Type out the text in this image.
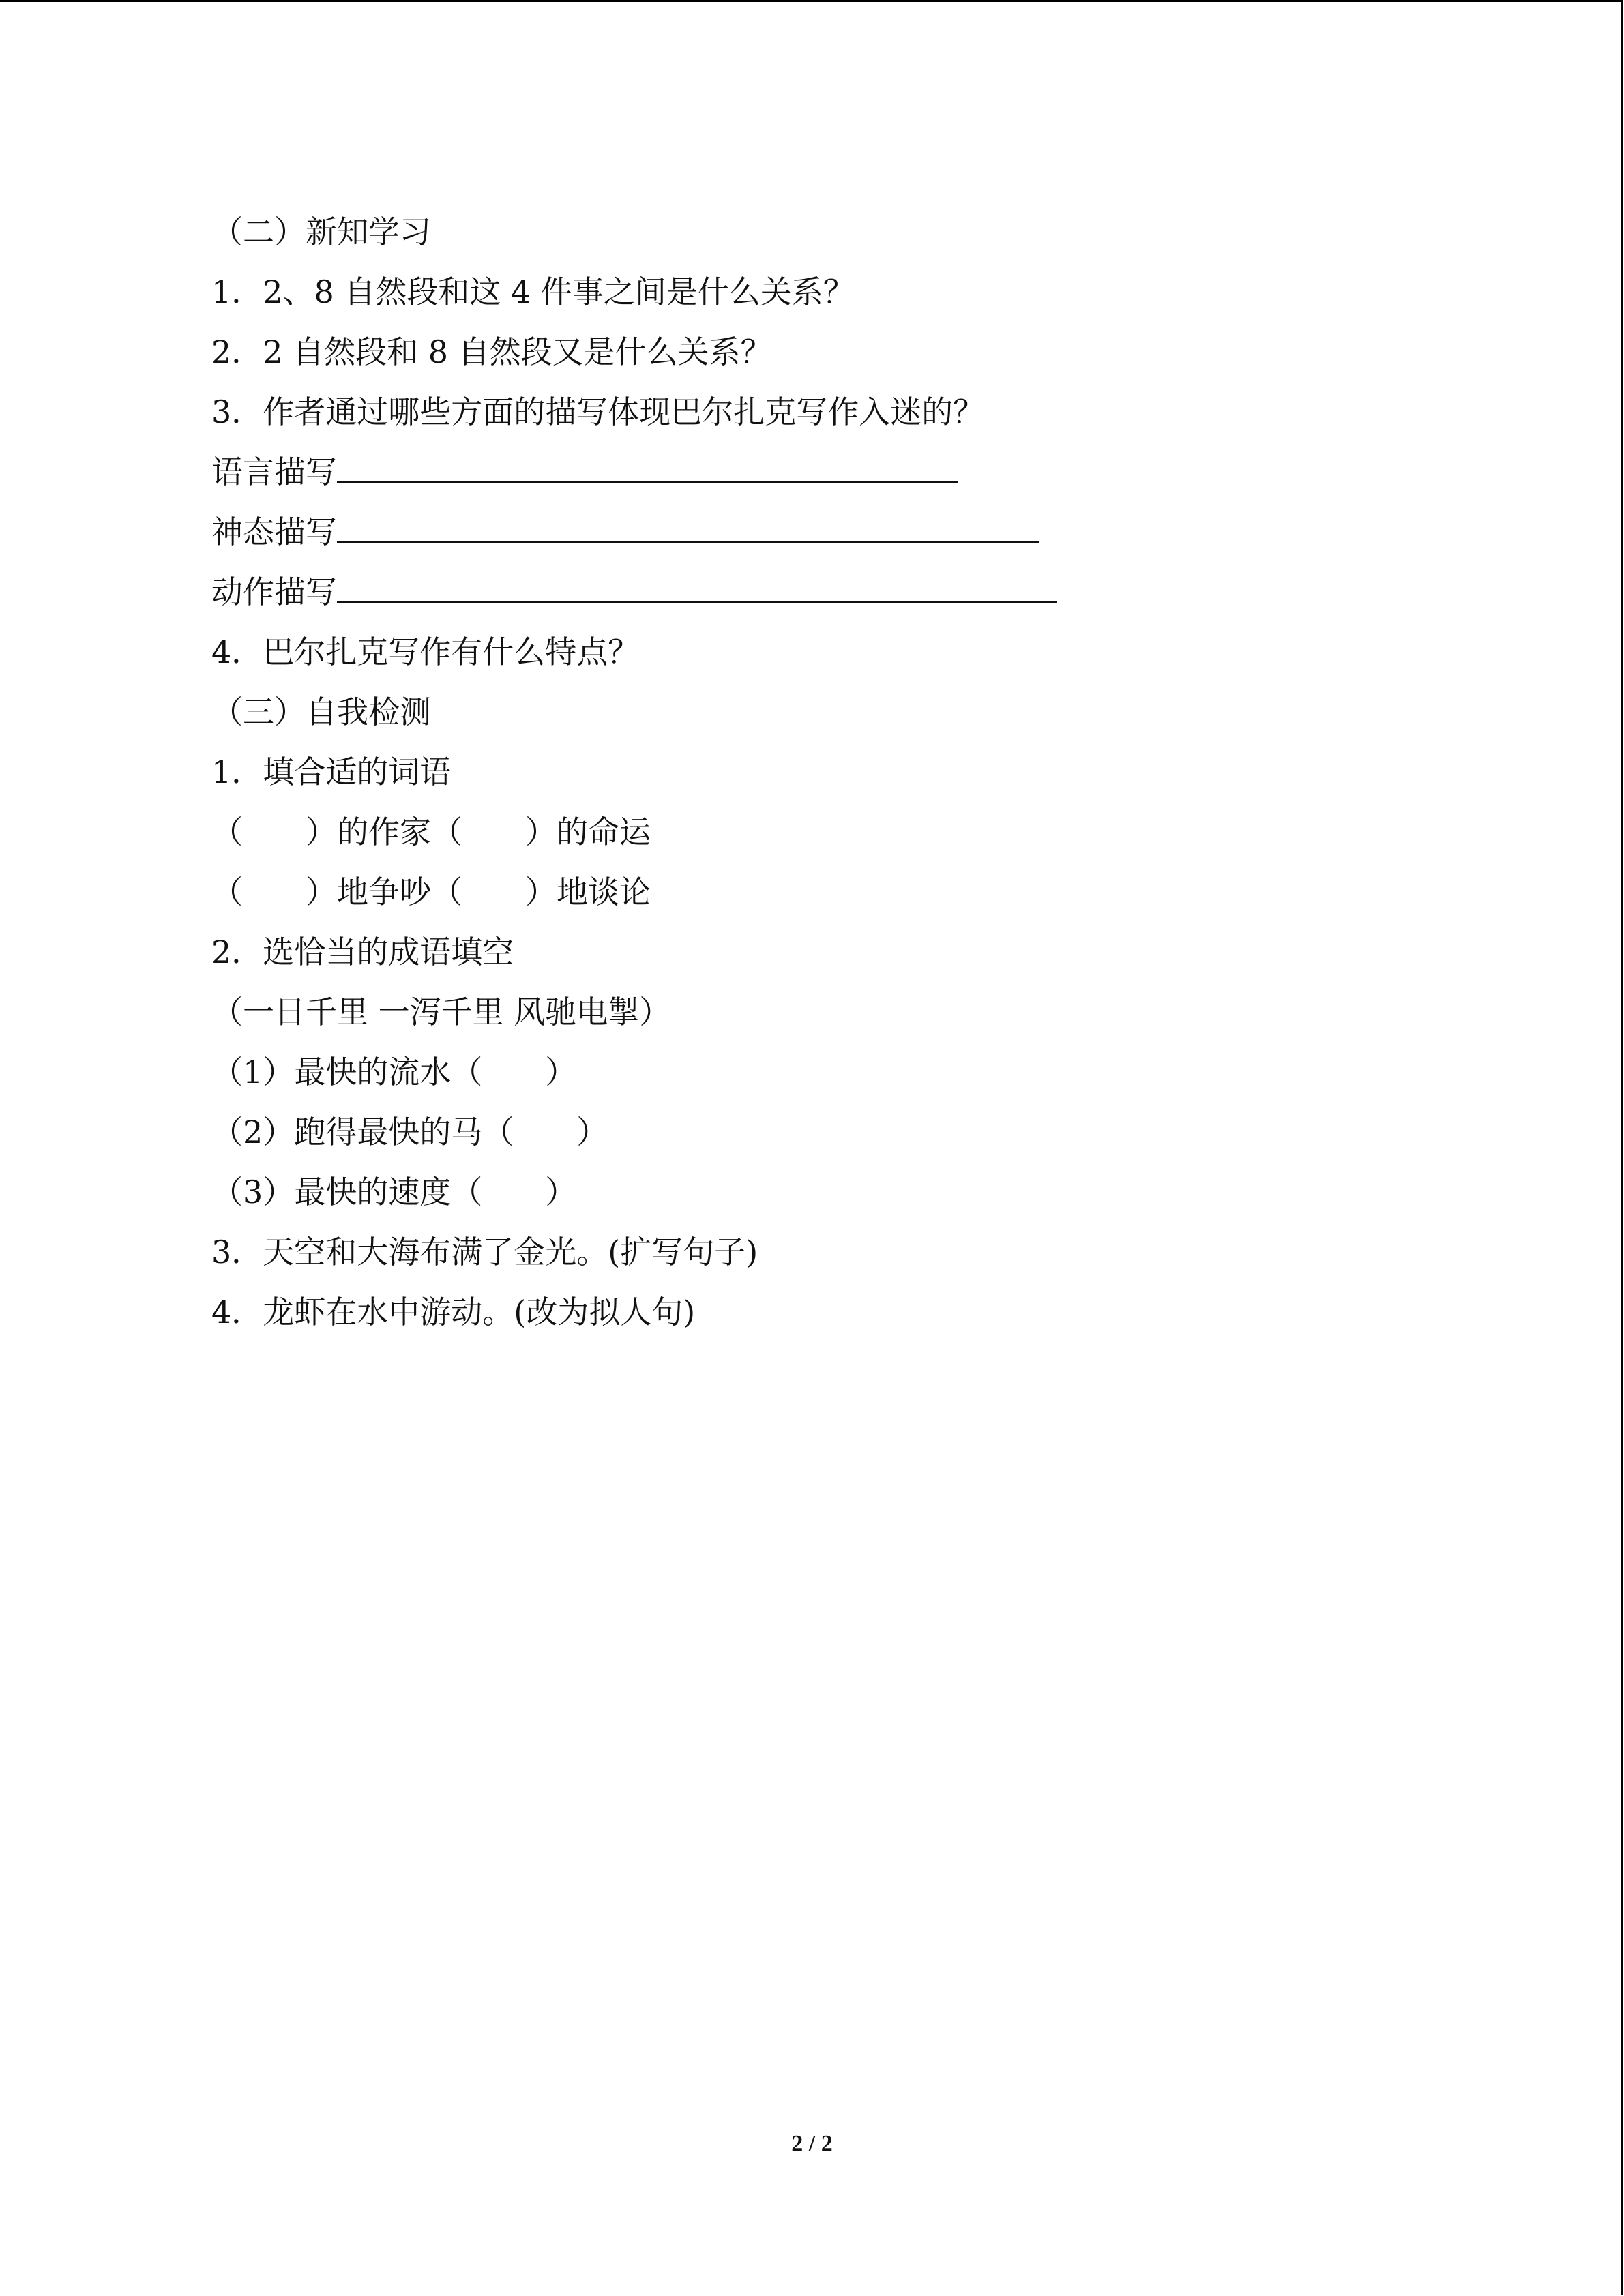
（二）新知学习
1．2、8 自然段和这 4 件事之间是什么关系？
2．2 自然段和 8 自然段又是什么关系？
3．作者通过哪些方面的描写体现巴尔扎克写作入迷的？
语言描写
神态描写
动作描写
4．巴尔扎克写作有什么特点？
（三）自我检测
1．填合适的词语
（　　）的作家（　　）的命运
（　　）地争吵（　　）地谈论
2．选恰当的成语填空
（一日千里 一泻千里 风驰电掣）
（1）最快的流水（　　）
（2）跑得最快的马（　　）
（3）最快的速度（　　）
3．天空和大海布满了金光。(扩写句子)
4．龙虾在水中游动。(改为拟人句)
2 / 2
